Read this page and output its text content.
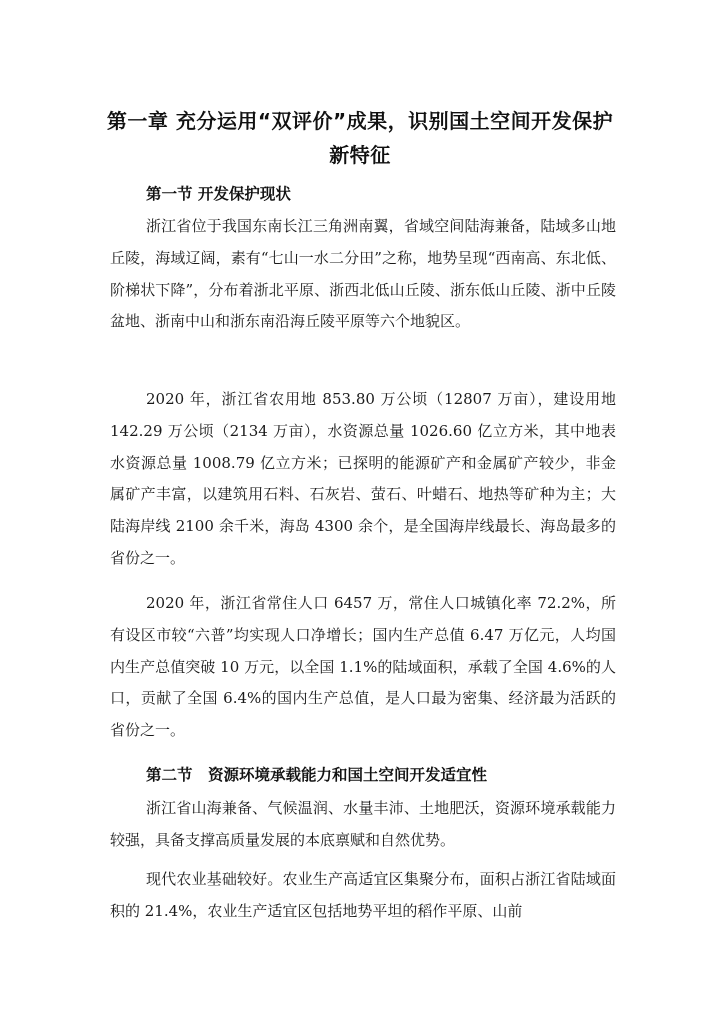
第一章 充分运用“双评价”成果，识别国土空间开发保护新特征
第一节 开发保护现状

浙江省位于我国东南长江三角洲南翼，省域空间陆海兼备，陆域多山地丘陵，海域辽阔，素有“七山一水二分田”之称，地势呈现“西南高、东北低、阶梯状下降”，分布着浙北平原、浙西北低山丘陵、浙东低山丘陵、浙中丘陵盆地、浙南中山和浙东南沿海丘陵平原等六个地貌区。

2020 年，浙江省农用地 853.80 万公顷（12807 万亩），建设用地 142.29 万公顷（2134 万亩），水资源总量 1026.60 亿立方米，其中地表水资源总量 1008.79 亿立方米；已探明的能源矿产和金属矿产较少，非金属矿产丰富，以建筑用石料、石灰岩、萤石、叶蜡石、地热等矿种为主；大陆海岸线 2100 余千米，海岛 4300 余个，是全国海岸线最长、海岛最多的省份之一。

2020 年，浙江省常住人口 6457 万，常住人口城镇化率 72.2%，所有设区市较“六普”均实现人口净增长；国内生产总值 6.47 万亿元，人均国内生产总值突破 10 万元，以全国 1.1%的陆域面积，承载了全国 4.6%的人口，贡献了全国 6.4%的国内生产总值，是人口最为密集、经济最为活跃的省份之一。

第二节　资源环境承载能力和国土空间开发适宜性

浙江省山海兼备、气候温润、水量丰沛、土地肥沃，资源环境承载能力较强，具备支撑高质量发展的本底禀赋和自然优势。

现代农业基础较好。农业生产高适宜区集聚分布，面积占浙江省陆域面积的 21.4%，农业生产适宜区包括地势平坦的稻作平原、山前
